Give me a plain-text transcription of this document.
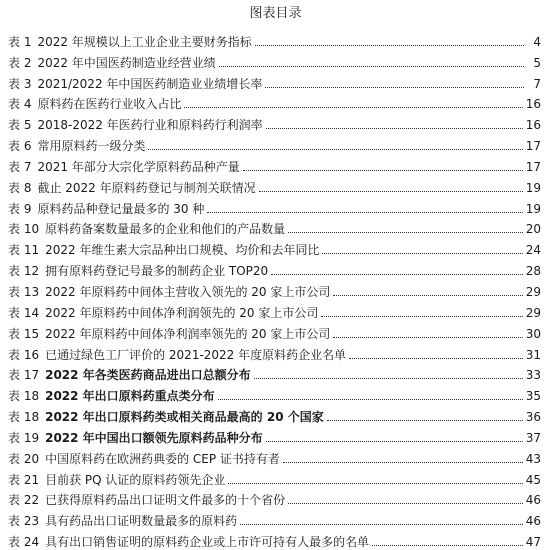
图表目录
表 1 2022 年规模以上工业企业主要财务指标	4
表 2 2022 年中国医药制造业经营业绩	5
表 3 2021/2022 年中国医药制造业业绩增长率	7
表 4 原料药在医药行业收入占比	16
表 5 2018-2022 年医药行业和原料药行利润率	16
表 6 常用原料药一级分类	17
表 7 2021 年部分大宗化学原料药品种产量	17
表 8 截止 2022 年原料药登记与制剂关联情况	19
表 9 原料药品种登记量最多的 30 种	19
表 10 原料药备案数量最多的企业和他们的产品数量	20
表 11 2022 年维生素大宗品种出口规模、均价和去年同比	24
表 12 拥有原料药登记号最多的制药企业 TOP20	28
表 13 2022 年原料药中间体主营收入领先的 20 家上市公司	29
表 14 2022 年原料药中间体净利润领先的 20 家上市公司	29
表 15 2022 年原料药中间体净利润率领先的 20 家上市公司	30
表 16 已通过绿色工厂评价的 2021-2022 年度原料药企业名单	31
表 17 2022 年各类医药商品进出口总额分布	33
表 18 2022 年出口原料药重点类分布	35
表 18 2022 年出口原料药类或相关商品最高的 20 个国家	36
表 19 2022 年中国出口额领先原料药品种分布	37
表 20 中国原料药在欧洲药典委的 CEP 证书持有者	43
表 21 目前获 PQ 认证的原料药领先企业	45
表 22 已获得原料药品出口证明文件最多的十个省份	46
表 23 具有药品出口证明数量最多的原料药	46
表 24 具有出口销售证明的原料药企业或上市许可持有人最多的名单	47
